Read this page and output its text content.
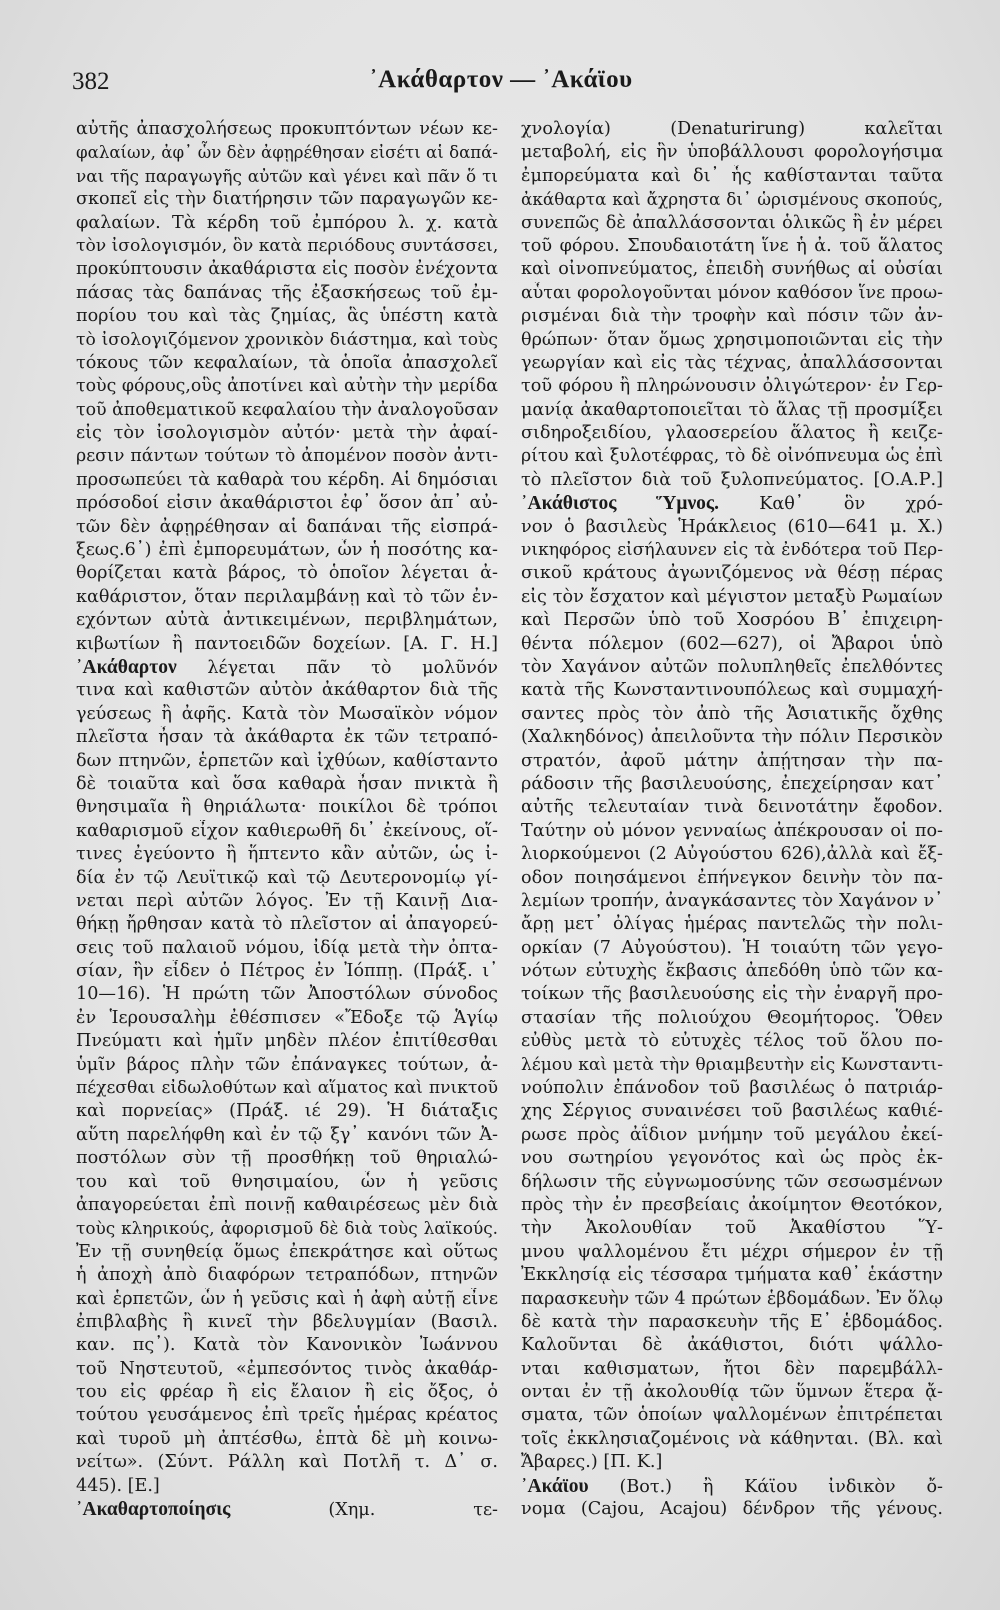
382	᾿Ακάθαρτον — ᾿Ακάϊου
αὐτῆς ἀπασχολήσεως προκυπτόντων νέων κε-
φαλαίων, ἀφ᾿ ὧν δὲν ἀφῃρέθησαν εἰσέτι αἱ δαπά-
ναι τῆς παραγωγῆς αὐτῶν καὶ γένει καὶ πᾶν ὅ τι
σκοπεῖ εἰς τὴν διατήρησιν τῶν παραγωγῶν κε-
φαλαίων. Τὰ κέρδη τοῦ ἐμπόρου λ. χ. κατὰ
τὸν ἰσολογισμόν, ὃν κατὰ περιόδους συντάσσει,
προκύπτουσιν ἀκαθάριστα εἰς ποσὸν ἐνέχοντα
πάσας τὰς δαπάνας τῆς ἐξασκήσεως τοῦ ἐμ-
πορίου του καὶ τὰς ζημίας, ἃς ὑπέστη κατὰ
τὸ ἰσολογιζόμενον χρονικὸν διάστημα, καὶ τοὺς
τόκους τῶν κεφαλαίων, τὰ ὁποῖα ἀπασχολεῖ
τοὺς φόρους,οὓς ἀποτίνει καὶ αὐτὴν τὴν μερίδα
τοῦ ἀποθεματικοῦ κεφαλαίου τὴν ἀναλογοῦσαν
εἰς τὸν ἰσολογισμὸν αὐτόν· μετὰ τὴν ἀφαί-
ρεσιν πάντων τούτων τὸ ἀπομένον ποσὸν ἀντι-
προσωπεύει τὰ καθαρὰ του κέρδη. Αἱ δημόσιαι
πρόσοδοί εἰσιν ἀκαθάριστοι ἐφ᾿ ὅσον ἀπ᾿ αὐ-
τῶν δὲν ἀφῃρέθησαν αἱ δαπάναι τῆς εἰσπρά-
ξεως.6᾿) ἐπὶ ἐμπορευμάτων, ὧν ἡ ποσότης κα-
θορίζεται κατὰ βάρος, τὸ ὁποῖον λέγεται ἀ-
καθάριστον, ὅταν περιλαμβάνῃ καὶ τὸ τῶν ἐν-
εχόντων αὐτὰ ἀντικειμένων, περιβλημάτων,
κιβωτίων ἢ παντοειδῶν δοχείων. [Α. Γ. Η.]
᾿Ακάθαρτον λέγεται πᾶν τὸ μολῦνόν
τινα καὶ καθιστῶν αὐτὸν ἀκάθαρτον διὰ τῆς
γεύσεως ἢ ἀφῆς. Κατὰ τὸν Μωσαϊκὸν νόμον
πλεῖστα ἦσαν τὰ ἀκάθαρτα ἐκ τῶν τετραπό-
δων πτηνῶν, ἑρπετῶν καὶ ἰχθύων, καθίσταντο
δὲ τοιαῦτα καὶ ὅσα καθαρὰ ἦσαν πνικτὰ ἢ
θνησιμαῖα ἢ θηριάλωτα· ποικίλοι δὲ τρόποι
καθαρισμοῦ εἶχον καθιερωθῆ δι᾿ ἐκείνους, οἵ-
τινες ἐγεύοντο ἢ ἥπτεντο κἂν αὐτῶν, ὡς ἰ-
δία ἐν τῷ Λευϊτικῷ καὶ τῷ Δευτερονομίῳ γί-
νεται περὶ αὐτῶν λόγος. Ἐν τῇ Καινῇ Δια-
θήκῃ ἤρθησαν κατὰ τὸ πλεῖστον αἱ ἀπαγορεύ-
σεις τοῦ παλαιοῦ νόμου, ἰδίᾳ μετὰ τὴν ὀπτα-
σίαν, ἣν εἶδεν ὁ Πέτρος ἐν Ἰόππῃ. (Πράξ. ι᾿
10—16). Ἡ πρώτη τῶν Ἀποστόλων σύνοδος
ἐν Ἱερουσαλὴμ ἐθέσπισεν «Ἔδοξε τῷ Ἁγίῳ
Πνεύματι καὶ ἡμῖν μηδὲν πλέον ἐπιτίθεσθαι
ὑμῖν βάρος πλὴν τῶν ἐπάναγκες τούτων, ἀ-
πέχεσθαι εἰδωλοθύτων καὶ αἵματος καὶ πνικτοῦ
καὶ πορνείας» (Πράξ. ιέ 29). Ἡ διάταξις
αὕτη παρελήφθη καὶ ἐν τῷ ξγ᾿ κανόνι τῶν Ἀ-
ποστόλων σὺν τῇ προσθήκῃ τοῦ θηριαλώ-
του καὶ τοῦ θνησιμαίου, ὧν ἡ γεῦσις
ἀπαγορεύεται ἐπὶ ποινῇ καθαιρέσεως μὲν διὰ
τοὺς κληρικούς, ἀφορισμοῦ δὲ διὰ τοὺς λαϊκούς.
Ἐν τῇ συνηθείᾳ ὅμως ἐπεκράτησε καὶ οὕτως
ἡ ἀποχὴ ἀπὸ διαφόρων τετραπόδων, πτηνῶν
καὶ ἑρπετῶν, ὧν ἡ γεῦσις καὶ ἡ ἀφὴ αὐτῇ εἶνε
ἐπιβλαβὴς ἢ κινεῖ τὴν βδελυγμίαν (Βασιλ.
καν. πς᾿). Κατὰ τὸν Κανονικὸν Ἰωάννου
τοῦ Νηστευτοῦ, «ἐμπεσόντος τινὸς ἀκαθάρ-
του εἰς φρέαρ ἢ εἰς ἔλαιον ἢ εἰς ὄξος, ὁ
τούτου γευσάμενος ἐπὶ τρεῖς ἡμέρας κρέατος
καὶ τυροῦ μὴ ἀπτέσθω, ἑπτὰ δὲ μὴ κοινω-
νείτω». (Σύντ. Ράλλη καὶ Ποτλῆ τ. Δ᾿ σ.
445). [Ε.]
᾿Ακαθαρτοποίησις (Χημ. τε-
χνολογία) (Denaturirung) καλεῖται
μεταβολή, εἰς ἣν ὑποβάλλουσι φορολογήσιμα
ἐμπορεύματα καὶ δι᾿ ἧς καθίστανται ταῦτα
ἀκάθαρτα καὶ ἄχρηστα δι᾿ ὡρισμένους σκοπούς,
συνεπῶς δὲ ἀπαλλάσσονται ὁλικῶς ἢ ἐν μέρει
τοῦ φόρου. Σπουδαιοτάτη ἵνε ἡ ἀ. τοῦ ἅλατος
καὶ οἰνοπνεύματος, ἐπειδὴ συνήθως αἱ οὐσίαι
αὗται φορολογοῦνται μόνον καθόσον ἵνε προω-
ρισμέναι διὰ τὴν τροφὴν καὶ πόσιν τῶν ἀν-
θρώπων· ὅταν ὅμως χρησιμοποιῶνται εἰς τὴν
γεωργίαν καὶ εἰς τὰς τέχνας, ἀπαλλάσσονται
τοῦ φόρου ἢ πληρώνουσιν ὀλιγώτερον· ἐν Γερ-
μανίᾳ ἀκαθαρτοποιεῖται τὸ ἅλας τῇ προσμίξει
σιδηροξειδίου, γλαοσερείου ἅλατος ἢ κειζε-
ρίτου καὶ ξυλοτέφρας, τὸ δὲ οἰνόπνευμα ὡς ἐπὶ
τὸ πλεῖστον διὰ τοῦ ξυλοπνεύματος. [Ο.Α.Ρ.]
᾿Ακάθιστος Ὕμνος. Καθ᾿ ὃν χρό-
νον ὁ βασιλεὺς Ἡράκλειος (610—641 μ. Χ.)
νικηφόρος εἰσήλαυνεν εἰς τὰ ἐνδότερα τοῦ Περ-
σικοῦ κράτους ἀγωνιζόμενος νὰ θέσῃ πέρας
εἰς τὸν ἔσχατον καὶ μέγιστον μεταξὺ Ρωμαίων
καὶ Περσῶν ὑπὸ τοῦ Χοσρόου Β᾿ ἐπιχειρη-
θέντα πόλεμον (602—627), οἱ Ἄβαροι ὑπὸ
τὸν Χαγάνον αὐτῶν πολυπληθεῖς ἐπελθόντες
κατὰ τῆς Κωνσταντινουπόλεως καὶ συμμαχή-
σαντες πρὸς τὸν ἀπὸ τῆς Ἀσιατικῆς ὄχθης
(Χαλκηδόνος) ἀπειλοῦντα τὴν πόλιν Περσικὸν
στρατόν, ἀφοῦ μάτην ἀπῄτησαν τὴν πα-
ράδοσιν τῆς βασιλευούσης, ἐπεχείρησαν κατ᾿
αὐτῆς τελευταίαν τινὰ δεινοτάτην ἔφοδον.
Ταύτην οὐ μόνον γενναίως ἀπέκρουσαν οἱ πο-
λιορκούμενοι (2 Αὐγούστου 626),ἀλλὰ καὶ ἔξ-
οδον ποιησάμενοι ἐπήνεγκον δεινὴν τὸν πα-
λεμίων τροπήν, ἀναγκάσαντες τὸν Χαγάνον ν᾿
ἄρῃ μετ᾿ ὀλίγας ἡμέρας παντελῶς τὴν πολι-
ορκίαν (7 Αὐγούστου). Ἡ τοιαύτη τῶν γεγο-
νότων εὐτυχὴς ἔκβασις ἀπεδόθη ὑπὸ τῶν κα-
τοίκων τῆς βασιλευούσης εἰς τὴν ἐναργῆ προ-
στασίαν τῆς πολιούχου Θεομήτορος. Ὅθεν
εὐθὺς μετὰ τὸ εὐτυχὲς τέλος τοῦ ὅλου πο-
λέμου καὶ μετὰ τὴν θριαμβευτὴν εἰς Κωνσταντι-
νούπολιν ἐπάνοδον τοῦ βασιλέως ὁ πατριάρ-
χης Σέργιος συναινέσει τοῦ βασιλέως καθιέ-
ρωσε πρὸς ἀΐδιον μνήμην τοῦ μεγάλου ἐκεί-
νου σωτηρίου γεγονότος καὶ ὡς πρὸς ἐκ-
δήλωσιν τῆς εὐγνωμοσύνης τῶν σεσωσμένων
πρὸς τὴν ἐν πρεσβείαις ἀκοίμητον Θεοτόκον,
τὴν Ἀκολουθίαν τοῦ Ἀκαθίστου Ὕ-
μνου ψαλλομένου ἔτι μέχρι σήμερον ἐν τῇ
Ἐκκλησίᾳ εἰς τέσσαρα τμήματα καθ᾿ ἑκάστην
παρασκευὴν τῶν 4 πρώτων ἑβδομάδων. Ἐν ὅλῳ
δὲ κατὰ τὴν παρασκευὴν τῆς Ε᾿ ἑβδομάδος.
Καλοῦνται δὲ ἀκάθιστοι, διότι ψάλλο-
νται καθισματων, ἤτοι δὲν παρεμβάλλ-
ονται ἐν τῇ ἀκολουθίᾳ τῶν ὕμνων ἕτερα ᾄ-
σματα, τῶν ὁποίων ψαλλομένων ἐπιτρέπεται
τοῖς ἐκκλησιαζομένοις νὰ κάθηνται. (Βλ. καὶ
Ἄβαρες.) [Π. Κ.]
᾿Ακάϊου (Βοτ.) ἢ Κάϊου ἰνδικὸν ὄ-
νομα (Cajou, Acajou) δένδρον τῆς γένους.
